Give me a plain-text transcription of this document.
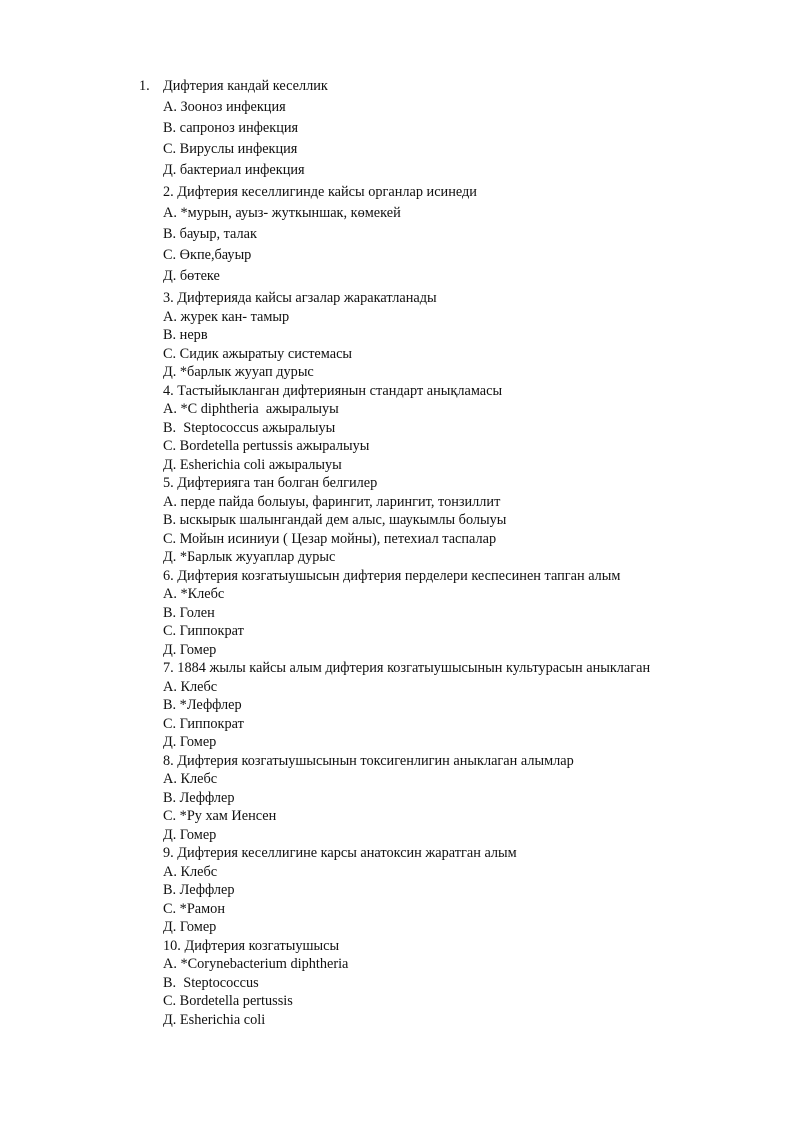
1. Дифтерия кандай кеселлик
А. Зооноз инфекция
В. сапроноз инфекция
С. Вируслы инфекция
Д. бактериал инфекция
2. Дифтерия кеселлигинде кайсы органлар исинеди
А. *мурын, ауыз- жуткыншак, көмекей
В. бауыр, талак
С. Өкпе,бауыр
Д. бөтеке
3. Дифтерияда кайсы агзалар жаракатланады
А. журек кан- тамыр
В. нерв
С. Сидик ажыратыу системасы
Д. *барлык жууап дурыс
4. Тастыйыкланган дифтериянын стандарт анықламасы
А. *C diphtheria  ажыралыуы
В.  Steptococcus ажыралыуы
С. Bordetella pertussis ажыралыуы
Д. Esherichia coli ажыралыуы
5. Дифтерияга тан болган белгилер
А. перде пайда болыуы, фарингит, ларингит, тонзиллит
В. ыскырык шалынгандай дем алыс, шаукымлы болыуы
С. Мойын исиниуи ( Цезар мойны), петехиал таспалар
Д. *Барлык жууаплар дурыс
6. Дифтерия козгатыушысын дифтерия перделери кеспесинен тапган алым
А. *Клебс
В. Голен
С. Гиппократ
Д. Гомер
7. 1884 жылы кайсы алым дифтерия козгатыушысынын культурасын аныклаган
А. Клебс
В. *Леффлер
С. Гиппократ
Д. Гомер
8. Дифтерия козгатыушысынын токсигенлигин аныклаган алымлар
А. Клебс
В. Леффлер
С. *Ру хам Иенсен
Д. Гомер
9. Дифтерия кеселлигине карсы анатоксин жаратган алым
А. Клебс
В. Леффлер
С. *Рамон
Д. Гомер
10. Дифтерия козгатыушысы
А. *Corynebacterium diphtheria
В.  Steptococcus
С. Bordetella pertussis
Д. Esherichia coli
